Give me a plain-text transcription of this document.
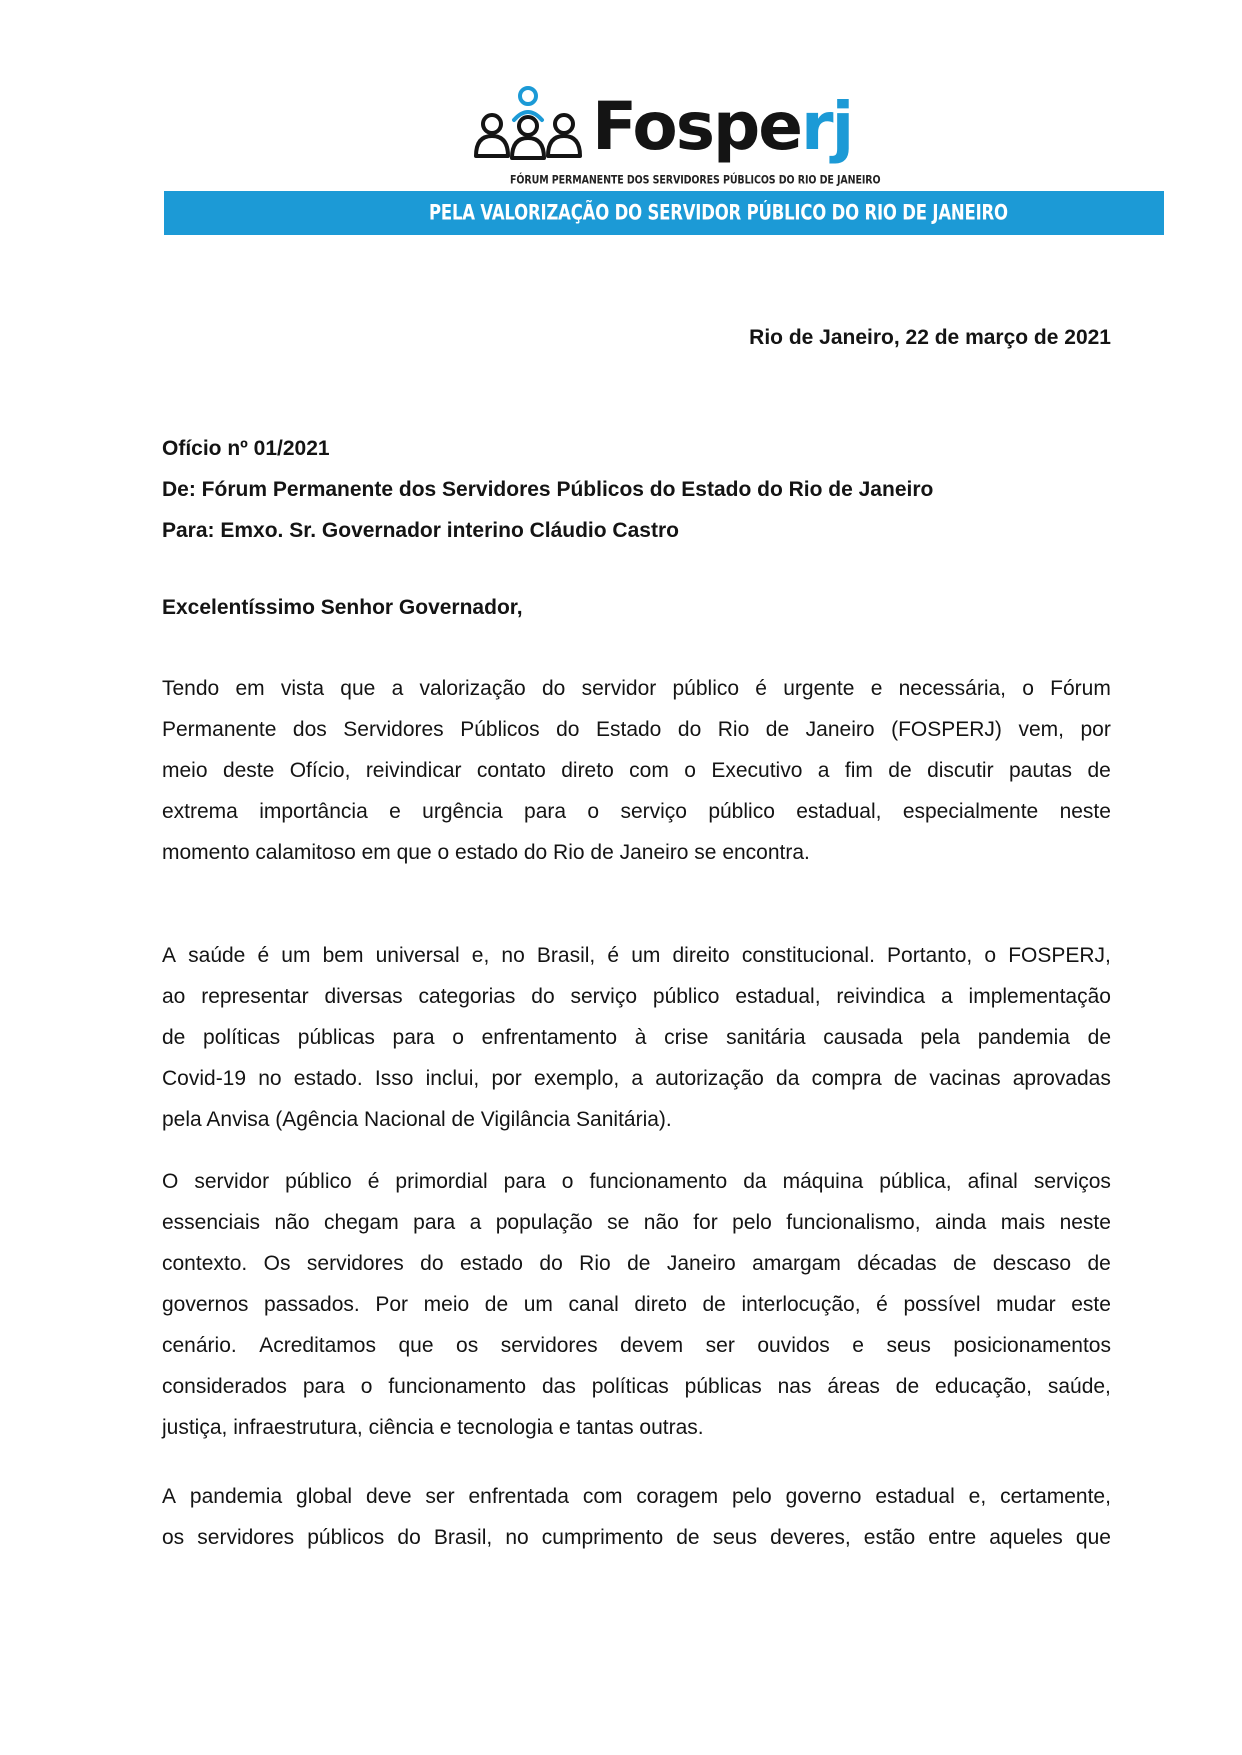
Fosperj
FÓRUM PERMANENTE DOS SERVIDORES PÚBLICOS DO RIO DE JANEIRO
PELA VALORIZAÇÃO DO SERVIDOR PÚBLICO DO RIO DE JANEIRO
Rio de Janeiro, 22 de março de 2021
Ofício nº 01/2021
De: Fórum Permanente dos Servidores Públicos do Estado do Rio de Janeiro
Para: Emxo. Sr. Governador interino Cláudio Castro
Excelentíssimo Senhor Governador,
Tendo em vista que a valorização do servidor público é urgente e necessária, o Fórum
Permanente dos Servidores Públicos do Estado do Rio de Janeiro (FOSPERJ) vem, por
meio deste Ofício, reivindicar contato direto com o Executivo a fim de discutir pautas de
extrema importância e urgência para o serviço público estadual, especialmente neste
momento calamitoso em que o estado do Rio de Janeiro se encontra.
A saúde é um bem universal e, no Brasil, é um direito constitucional. Portanto, o FOSPERJ,
ao representar diversas categorias do serviço público estadual, reivindica a implementação
de políticas públicas para o enfrentamento à crise sanitária causada pela pandemia de
Covid-19 no estado. Isso inclui, por exemplo, a autorização da compra de vacinas aprovadas
pela Anvisa (Agência Nacional de Vigilância Sanitária).
O servidor público é primordial para o funcionamento da máquina pública, afinal serviços
essenciais não chegam para a população se não for pelo funcionalismo, ainda mais neste
contexto. Os servidores do estado do Rio de Janeiro amargam décadas de descaso de
governos passados. Por meio de um canal direto de interlocução, é possível mudar este
cenário. Acreditamos que os servidores devem ser ouvidos e seus posicionamentos
considerados para o funcionamento das políticas públicas nas áreas de educação, saúde,
justiça, infraestrutura, ciência e tecnologia e tantas outras.
A pandemia global deve ser enfrentada com coragem pelo governo estadual e, certamente,
os servidores públicos do Brasil, no cumprimento de seus deveres, estão entre aqueles que
